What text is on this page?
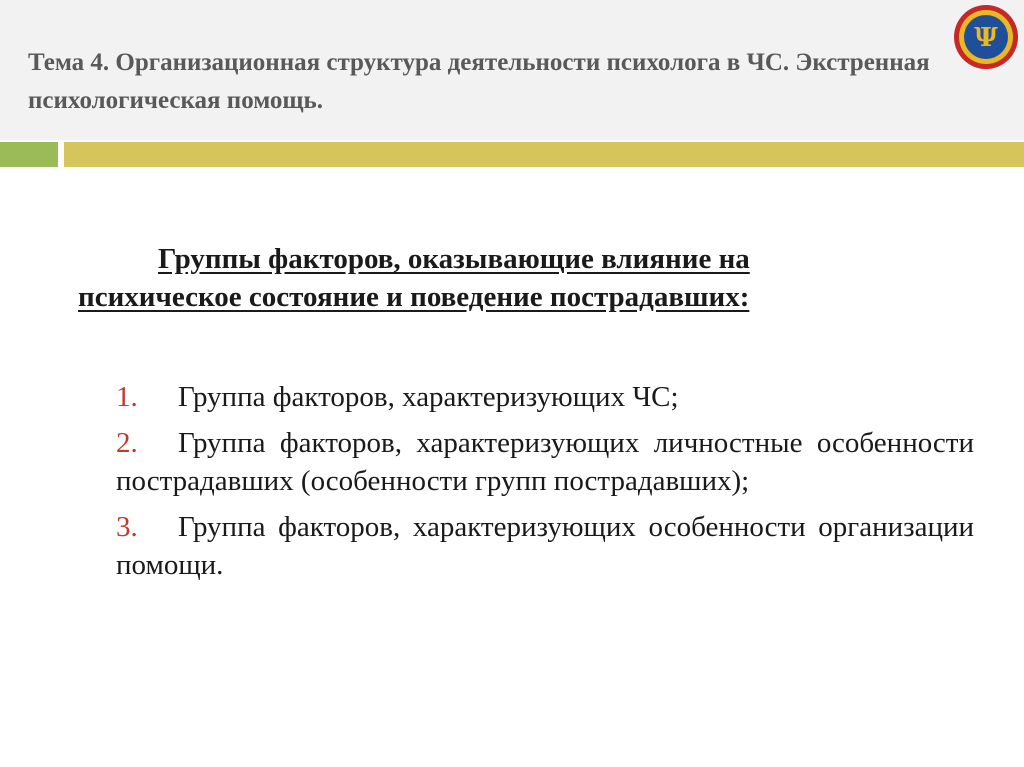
Тема 4. Организационная структура деятельности психолога в ЧС. Экстренная психологическая помощь.
Ψ
Группы факторов, оказывающие влияние на
психическое состояние и поведение пострадавших:
1. Группа факторов, характеризующих ЧС;
2. Группа факторов, характеризующих личностные особенности пострадавших (особенности групп пострадавших);
3. Группа факторов, характеризующих особенности организации помощи.
